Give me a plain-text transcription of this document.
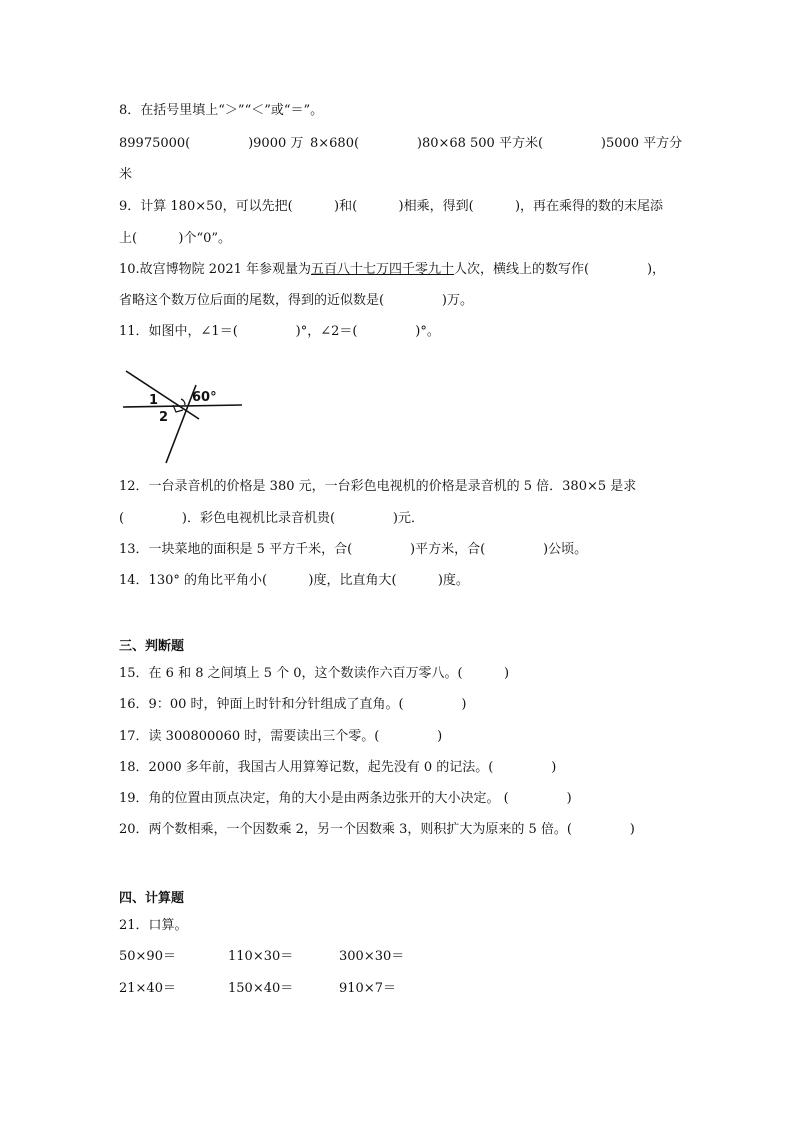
8．在括号里填上“＞”“＜”或“＝”。
89975000(              )9000 万 8×680(              )80×68 500 平方米(              )5000 平方分
米
9．计算 180×50，可以先把(          )和(          )相乘，得到(          )，再在乘得的数的末尾添
上(          )个“0”。
10.故宫博物院 2021 年参观量为五百八十七万四千零九十人次，横线上的数写作(              )，
省略这个数万位后面的尾数，得到的近似数是(              )万。
11．如图中，∠1＝(              )°，∠2＝(              )°。
1
2
60°
12．一台录音机的价格是 380 元，一台彩色电视机的价格是录音机的 5 倍．380×5 是求
(              )．彩色电视机比录音机贵(              )元．
13．一块菜地的面积是 5 平方千米，合(              )平方米，合(              )公顷。
14．130° 的角比平角小(          )度，比直角大(          )度。
三、判断题
15．在 6 和 8 之间填上 5 个 0，这个数读作六百万零八。(          )
16．9：00 时，钟面上时针和分针组成了直角。(              )
17．读 300800060 时，需要读出三个零。(              )
18．2000 多年前，我国古人用算筹记数，起先没有 0 的记法。(              )
19．角的位置由顶点决定，角的大小是由两条边张开的大小决定。 (              )
20．两个数相乘，一个因数乘 2，另一个因数乘 3，则积扩大为原来的 5 倍。(              )
四、计算题
21．口算。
50×90＝	110×30＝	300×30＝
21×40＝	150×40＝	910×7＝
